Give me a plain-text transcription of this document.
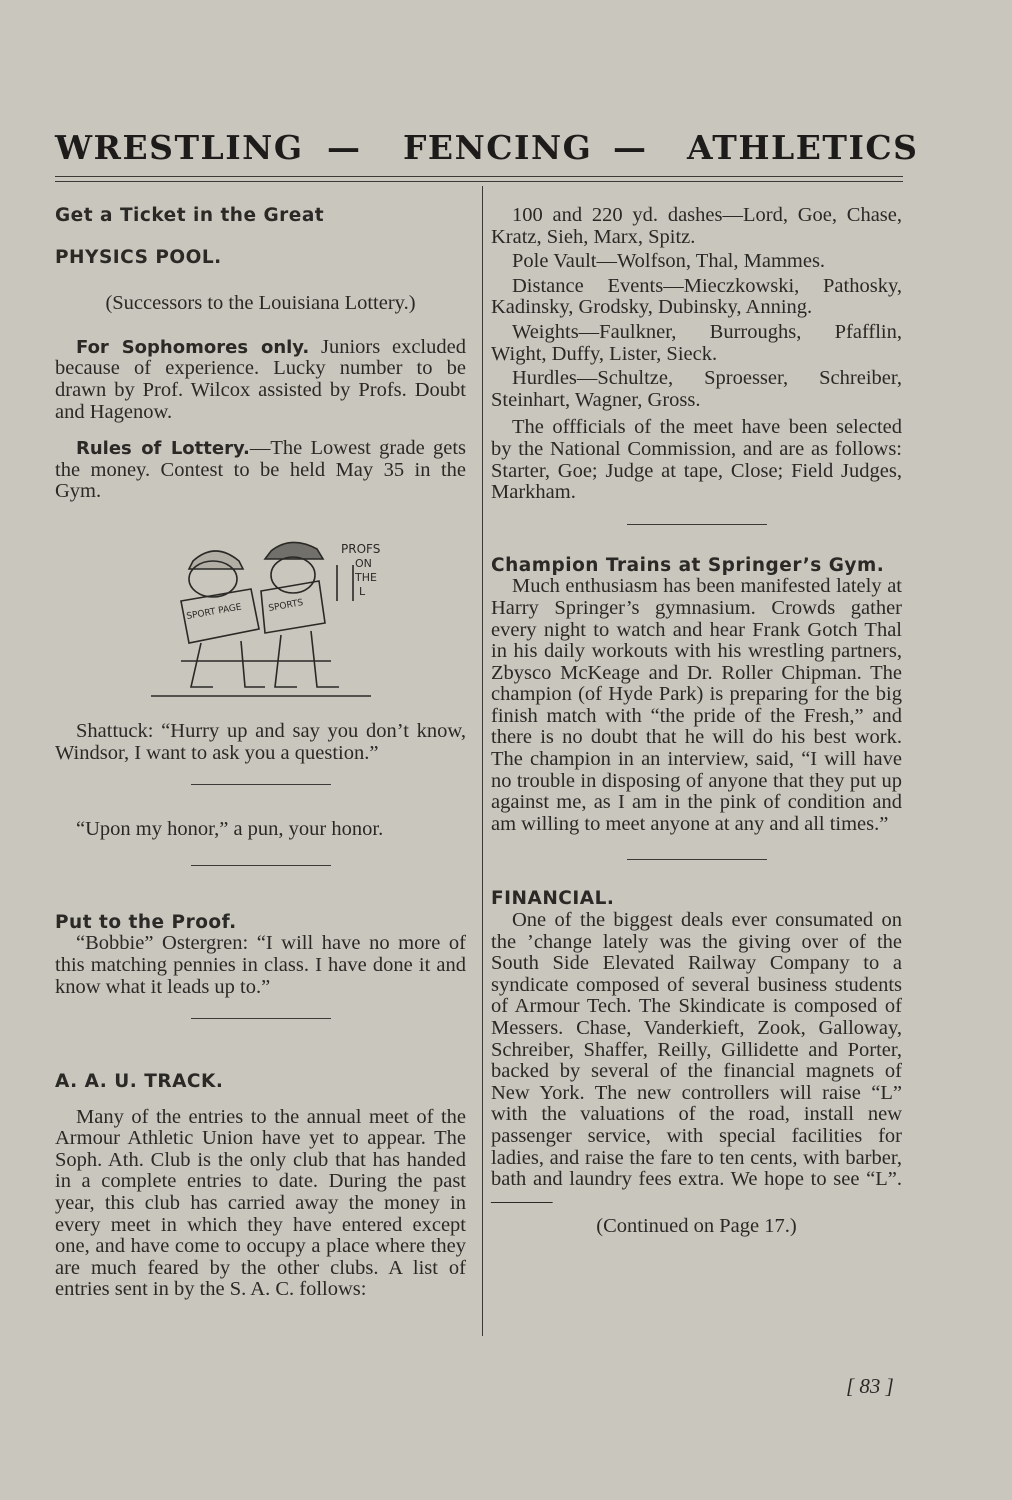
WRESTLING — FENCING — ATHLETICS

Get a Ticket in the Great

PHYSICS POOL.

(Successors to the Louisiana Lottery.)

For Sophomores only. Juniors excluded because of experience. Lucky number to be drawn by Prof. Wilcox assisted by Profs. Doubt and Hagenow.

Rules of Lottery.—The Lowest grade gets the money. Contest to be held May 35 in the Gym.

PROFS
ON
THE
L
SPORT PAGE	SPORTS

Shattuck: “Hurry up and say you don’t know, Windsor, I want to ask you a question.”

“Upon my honor,” a pun, your honor.

Put to the Proof.

“Bobbie” Ostergren: “I will have no more of this matching pennies in class. I have done it and know what it leads up to.”

A. A. U. TRACK.

Many of the entries to the annual meet of the Armour Athletic Union have yet to appear. The Soph. Ath. Club is the only club that has handed in a complete entries to date. During the past year, this club has carried away the money in every meet in which they have entered except one, and have come to occupy a place where they are much feared by the other clubs. A list of entries sent in by the S. A. C. follows:

100 and 220 yd. dashes—Lord, Goe, Chase, Kratz, Sieh, Marx, Spitz.

Pole Vault—Wolfson, Thal, Mammes.

Distance Events—Mieczkowski, Pathosky, Kadinsky, Grodsky, Dubinsky, Anning.

Weights—Faulkner, Burroughs, Pfafflin, Wight, Duffy, Lister, Sieck.

Hurdles—Schultze, Sproesser, Schreiber, Steinhart, Wagner, Gross.

The offficials of the meet have been selected by the National Commission, and are as follows: Starter, Goe; Judge at tape, Close; Field Judges, Markham.

Champion Trains at Springer’s Gym.

Much enthusiasm has been manifested lately at Harry Springer’s gymnasium. Crowds gather every night to watch and hear Frank Gotch Thal in his daily workouts with his wrestling partners, Zbysco McKeage and Dr. Roller Chipman. The champion (of Hyde Park) is preparing for the big finish match with “the pride of the Fresh,” and there is no doubt that he will do his best work. The champion in an interview, said, “I will have no trouble in disposing of anyone that they put up against me, as I am in the pink of condition and am willing to meet anyone at any and all times.”

FINANCIAL.

One of the biggest deals ever consumated on the ’change lately was the giving over of the South Side Elevated Railway Company to a syndicate composed of several business students of Armour Tech. The Skindicate is composed of Messers. Chase, Vanderkieft, Zook, Galloway, Schreiber, Shaffer, Reilly, Gillidette and Porter, backed by several of the financial magnets of New York. The new controllers will raise “L” with the valuations of the road, install new passenger service, with special facilities for ladies, and raise the fare to ten cents, with barber, bath and laundry fees extra. We hope to see “L”.———

(Continued on Page 17.)

[ 83 ]
